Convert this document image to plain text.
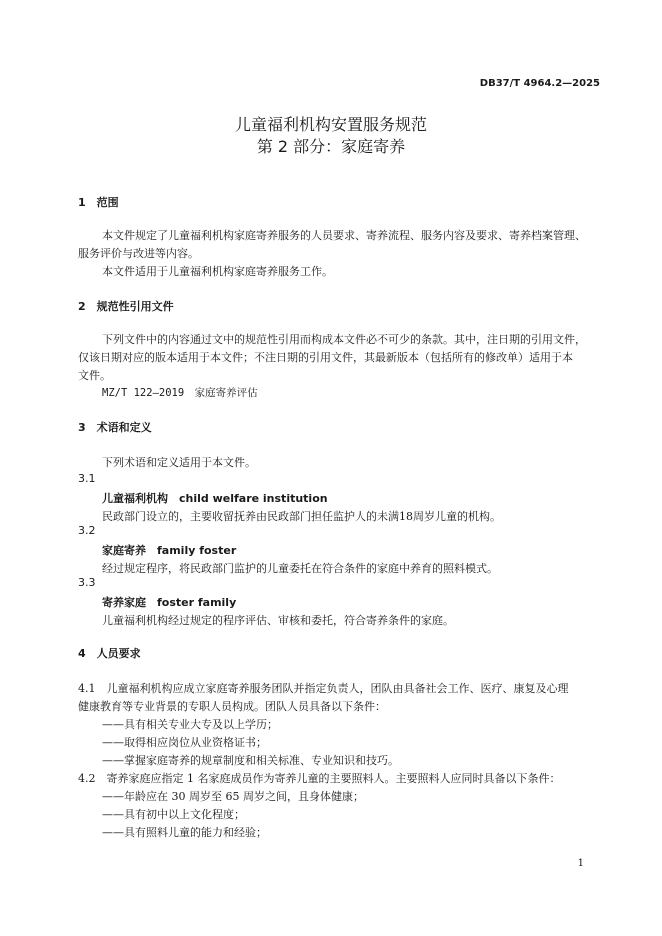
DB37/T 4964.2—2025
儿童福利机构安置服务规范
第 2 部分：家庭寄养
1　范围
本文件规定了儿童福利机构家庭寄养服务的人员要求、寄养流程、服务内容及要求、寄养档案管理、
服务评价与改进等内容。
本文件适用于儿童福利机构家庭寄养服务工作。
2　规范性引用文件
下列文件中的内容通过文中的规范性引用而构成本文件必不可少的条款。其中，注日期的引用文件，
仅该日期对应的版本适用于本文件；不注日期的引用文件，其最新版本（包括所有的修改单）适用于本
文件。
MZ/T 122—2019　家庭寄养评估
3　术语和定义
下列术语和定义适用于本文件。
3.1
儿童福利机构　child welfare institution
民政部门设立的，主要收留抚养由民政部门担任监护人的未满18周岁儿童的机构。
3.2
家庭寄养　family foster
经过规定程序，将民政部门监护的儿童委托在符合条件的家庭中养育的照料模式。
3.3
寄养家庭　foster family
儿童福利机构经过规定的程序评估、审核和委托，符合寄养条件的家庭。
4　人员要求
4.1　儿童福利机构应成立家庭寄养服务团队并指定负责人，团队由具备社会工作、医疗、康复及心理
健康教育等专业背景的专职人员构成。团队人员具备以下条件：
——具有相关专业大专及以上学历；
——取得相应岗位从业资格证书；
——掌握家庭寄养的规章制度和相关标准、专业知识和技巧。
4.2　寄养家庭应指定 1 名家庭成员作为寄养儿童的主要照料人。主要照料人应同时具备以下条件：
——年龄应在 30 周岁至 65 周岁之间，且身体健康；
——具有初中以上文化程度；
——具有照料儿童的能力和经验；
1
